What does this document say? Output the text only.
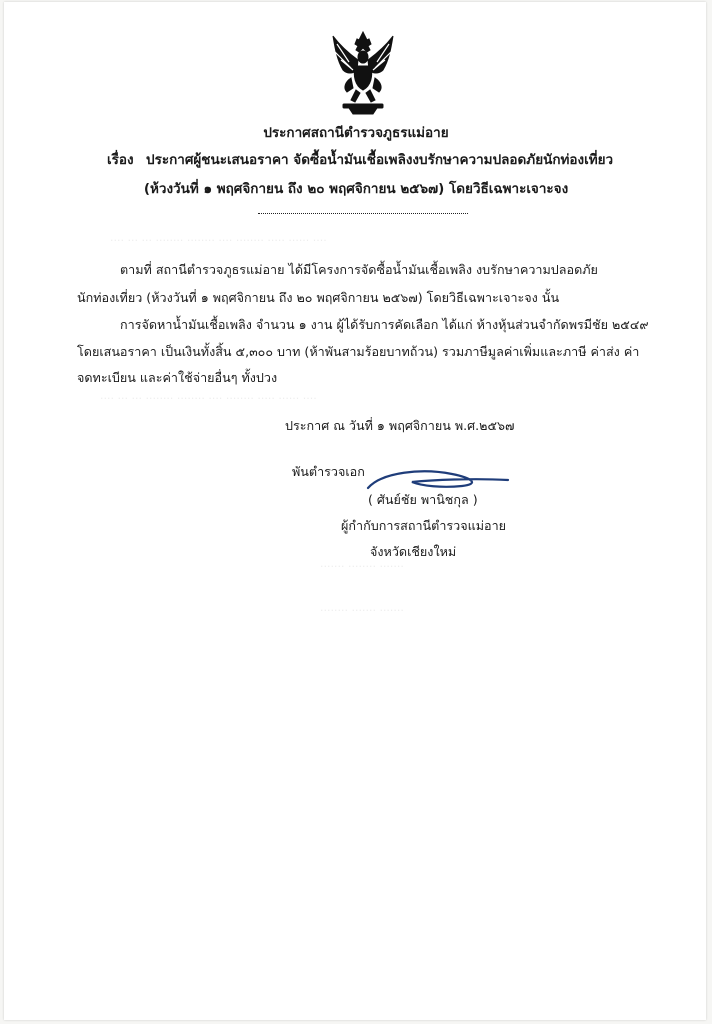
ประกาศสถานีตำรวจภูธรแม่อาย
เรื่อง ประกาศผู้ชนะเสนอราคา จัดซื้อน้ำมันเชื้อเพลิงงบรักษาความปลอดภัยนักท่องเที่ยว
(ห้วงวันที่ ๑ พฤศจิกายน ถึง ๒๐ พฤศจิกายน ๒๕๖๗) โดยวิธีเฉพาะเจาะจง
···· ··· ··· ········ ········ ···· ········ ····· ······ ····
···· ··· ··· ········ ········ ···· ········ ····· ······ ····
······· ········ ·······
········ ······· ·······
ตามที่ สถานีตำรวจภูธรแม่อาย ได้มีโครงการจัดซื้อน้ำมันเชื้อเพลิง งบรักษาความปลอดภัย
นักท่องเที่ยว (ห้วงวันที่ ๑ พฤศจิกายน ถึง ๒๐ พฤศจิกายน ๒๕๖๗) โดยวิธีเฉพาะเจาะจง นั้น
การจัดหาน้ำมันเชื้อเพลิง จำนวน ๑ งาน ผู้ได้รับการคัดเลือก ได้แก่ ห้างหุ้นส่วนจำกัดพรมีชัย ๒๕๔๙
โดยเสนอราคา เป็นเงินทั้งสิ้น ๕,๓๐๐ บาท (ห้าพันสามร้อยบาทถ้วน) รวมภาษีมูลค่าเพิ่มและภาษี ค่าส่ง ค่า
จดทะเบียน และค่าใช้จ่ายอื่นๆ ทั้งปวง
ประกาศ ณ วันที่ ๑ พฤศจิกายน พ.ศ.๒๕๖๗
พันตำรวจเอก
( ศันย์ชัย พานิชกุล )
ผู้กำกับการสถานีตำรวจแม่อาย
จังหวัดเชียงใหม่
